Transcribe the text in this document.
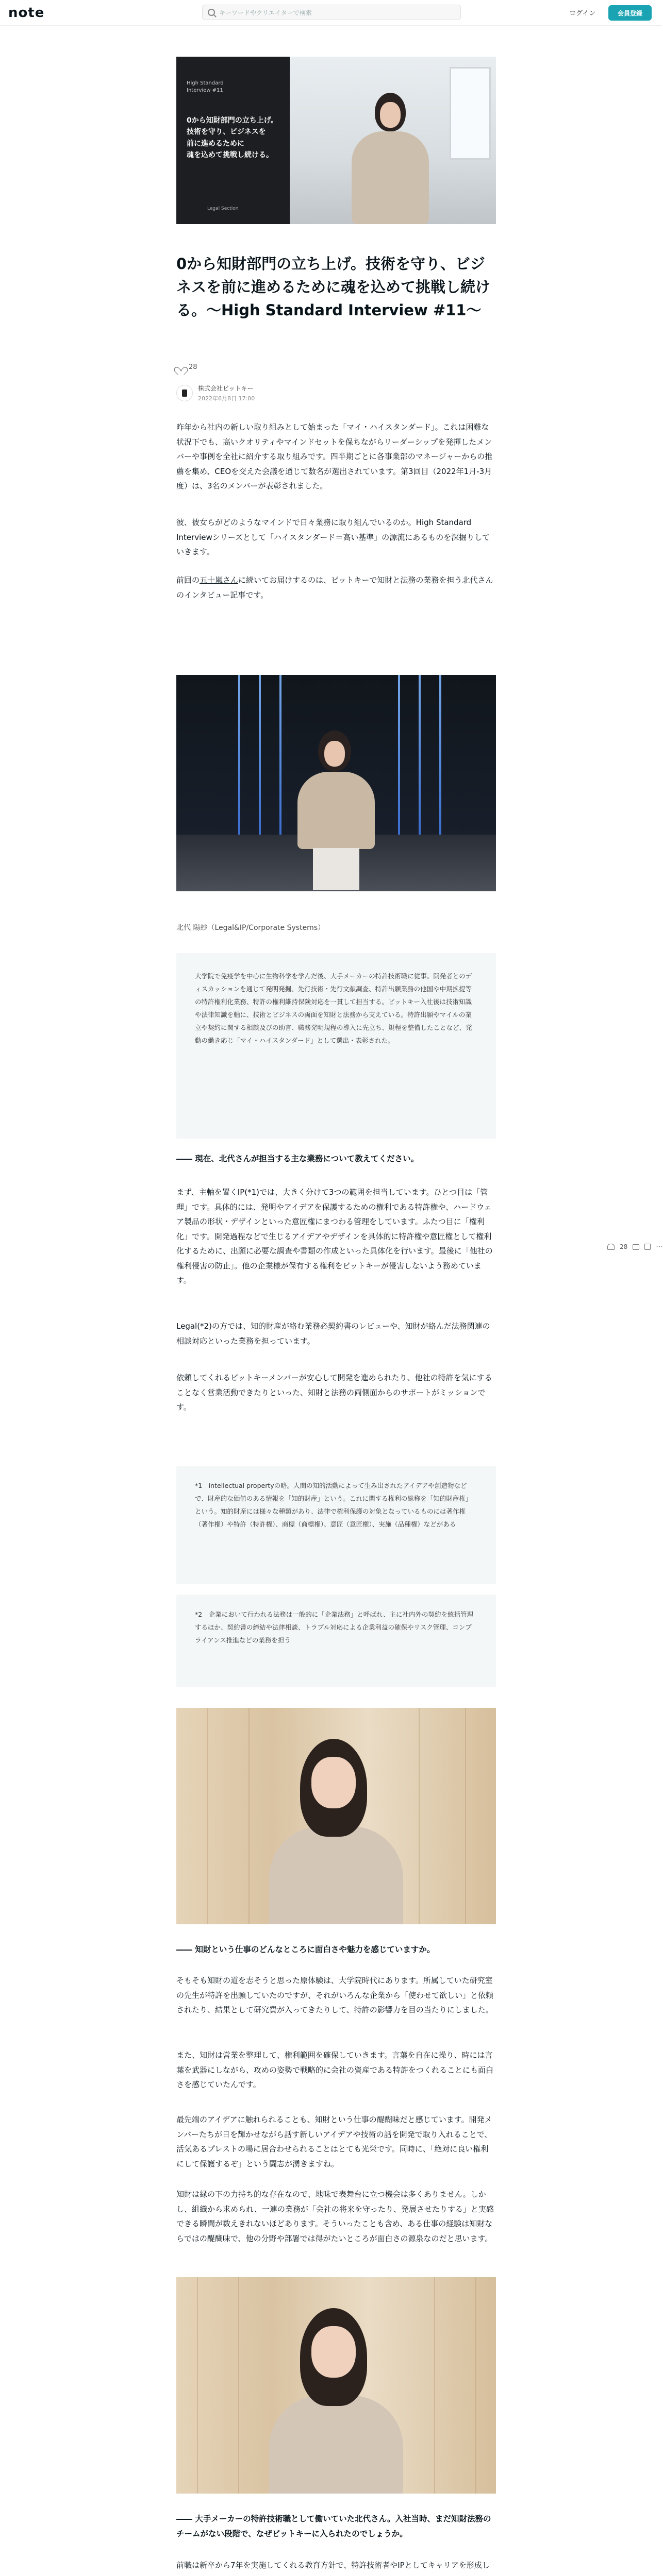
note	キーワードやクリエイターで検索	ログイン	会員登録
High Standard
Interview #11
0から知財部門の立ち上げ。
技術を守り、ビジネスを
前に進めるために
魂を込めて挑戦し続ける。
Legal Section
0から知財部門の立ち上げ。技術を守り、ビジネスを前に進めるために魂を込めて挑戦し続ける。〜High Standard Interview #11〜
28
株式会社ビットキー
2022年6月8日 17:00
昨年から社内の新しい取り組みとして始まった「マイ・ハイスタンダード」。これは困難な状況下でも、高いクオリティやマインドセットを保ちながらリーダーシップを発揮したメンバーや事例を全社に紹介する取り組みです。四半期ごとに各事業部のマネージャーからの推薦を集め、CEOを交えた会議を通じて数名が選出されています。第3回目（2022年1月-3月度）は、3名のメンバーが表彰されました。
彼、彼女らがどのようなマインドで日々業務に取り組んでいるのか。High Standard Interviewシリーズとして「ハイスタンダード＝高い基準」の源流にあるものを深掘りしていきます。
前回の五十嵐さんに続いてお届けするのは、ビットキーで知財と法務の業務を担う北代さんのインタビュー記事です。
北代 陽紗（Legal&IP/Corporate Systems）
大学院で免疫学を中心に生物科学を学んだ後、大手メーカーの特許技術職に従事。開発者とのディスカッションを通じて発明発掘、先行技術・先行文献調査、特許出願業務の他国や中期拡提等の特許権利化業務、特許の権利維持保険対応を一貫して担当する。ビットキー入社後は技術知識や法律知識を軸に、技術とビジネスの両面を知財と法務から支えている。特許出願やマイルの業立や契約に関する相談及びの助言、職務発明規程の導入に先立ち、規程を整備したことなど、発動の働き応じ「マイ・ハイスタンダード」として選出・表彰された。
―― 現在、北代さんが担当する主な業務について教えてください。
まず、主軸を置くIP(*1)では、大きく分けて3つの範囲を担当しています。ひとつ目は「管理」です。具体的には、発明やアイデアを保護するための権利である特許権や、ハードウェア製品の形状・デザインといった意匠権にまつわる管理をしています。ふたつ目に「権利化」です。開発過程などで生じるアイデアやデザインを具体的に特許権や意匠権として権利化するために、出願に必要な調査や書類の作成といった具体化を行います。最後に「他社の権利侵害の防止」。他の企業様が保有する権利をビットキーが侵害しないよう務めています。
Legal(*2)の方では、知的財産が絡む業務必契約書のレビューや、知財が絡んだ法務関連の相談対応といった業務を担っています。
依頼してくれるビットキーメンバーが安心して開発を進められたり、他社の特許を気にすることなく営業活動できたりといった、知財と法務の両側面からのサポートがミッションです。
*1　intellectual propertyの略。人間の知的活動によって生み出されたアイデアや創造物などで、財産的な価値のある情報を「知的財産」という。これに関する権利の総称を「知的財産権」という。知的財産には様々な種類があり、法律で権利保護の対象となっているものには著作権（著作権）や特許（特許権）、商標（商標権）、意匠（意匠権）、実施（品種権）などがある
*2　企業において行われる法務は一般的に「企業法務」と呼ばれ、主に社内外の契約を統括管理するほか、契約書の締結や法律相談、トラブル対応による企業利益の確保やリスク管理、コンプライアンス推進などの業務を担う
28	⋯
―― 知財という仕事のどんなところに面白さや魅力を感じていますか。
そもそも知財の道を志そうと思った原体験は、大学院時代にあります。所属していた研究室の先生が特許を出願していたのですが、それがいろんな企業から「使わせて欲しい」と依頼されたり、結果として研究費が入ってきたりして、特許の影響力を目の当たりにしました。
また、知財は営業を整理して、権利範囲を確保していきます。言葉を自在に操り、時には言葉を武器にしながら、攻めの姿勢で戦略的に会社の資産である特許をつくれることにも面白さを感じていたんです。
最先端のアイデアに触れられることも、知財という仕事の醍醐味だと感じています。開発メンバーたちが日を輝かせながら話す新しいアイデアや技術の話を開発で取り入れることで、活気あるプレストの場に居合わせられることはとても光栄です。同時に、「絶対に良い権利にして保護するぞ」という闘志が湧きますね。
知財は縁の下の力持ち的な存在なので、地味で表舞台に立つ機会は多くありません。しかし、組織から求められ、一連の業務が「会社の将来を守ったり、発展させたりする」と実感できる瞬間が数えきれないほどあります。そういったことも含め、ある仕事の経験は知財ならではの醍醐味で、他の分野や部署では得がたいところが面白さの源泉なのだと思います。
―― 大手メーカーの特許技術職として働いていた北代さん。入社当時、まだ知財法務のチームがない段階で、なぜビットキーに入られたのでしょうか。
前職は新卒から7年を実施してくれる教育方針で、特許技術者やIPとしてキャリアを形成し
